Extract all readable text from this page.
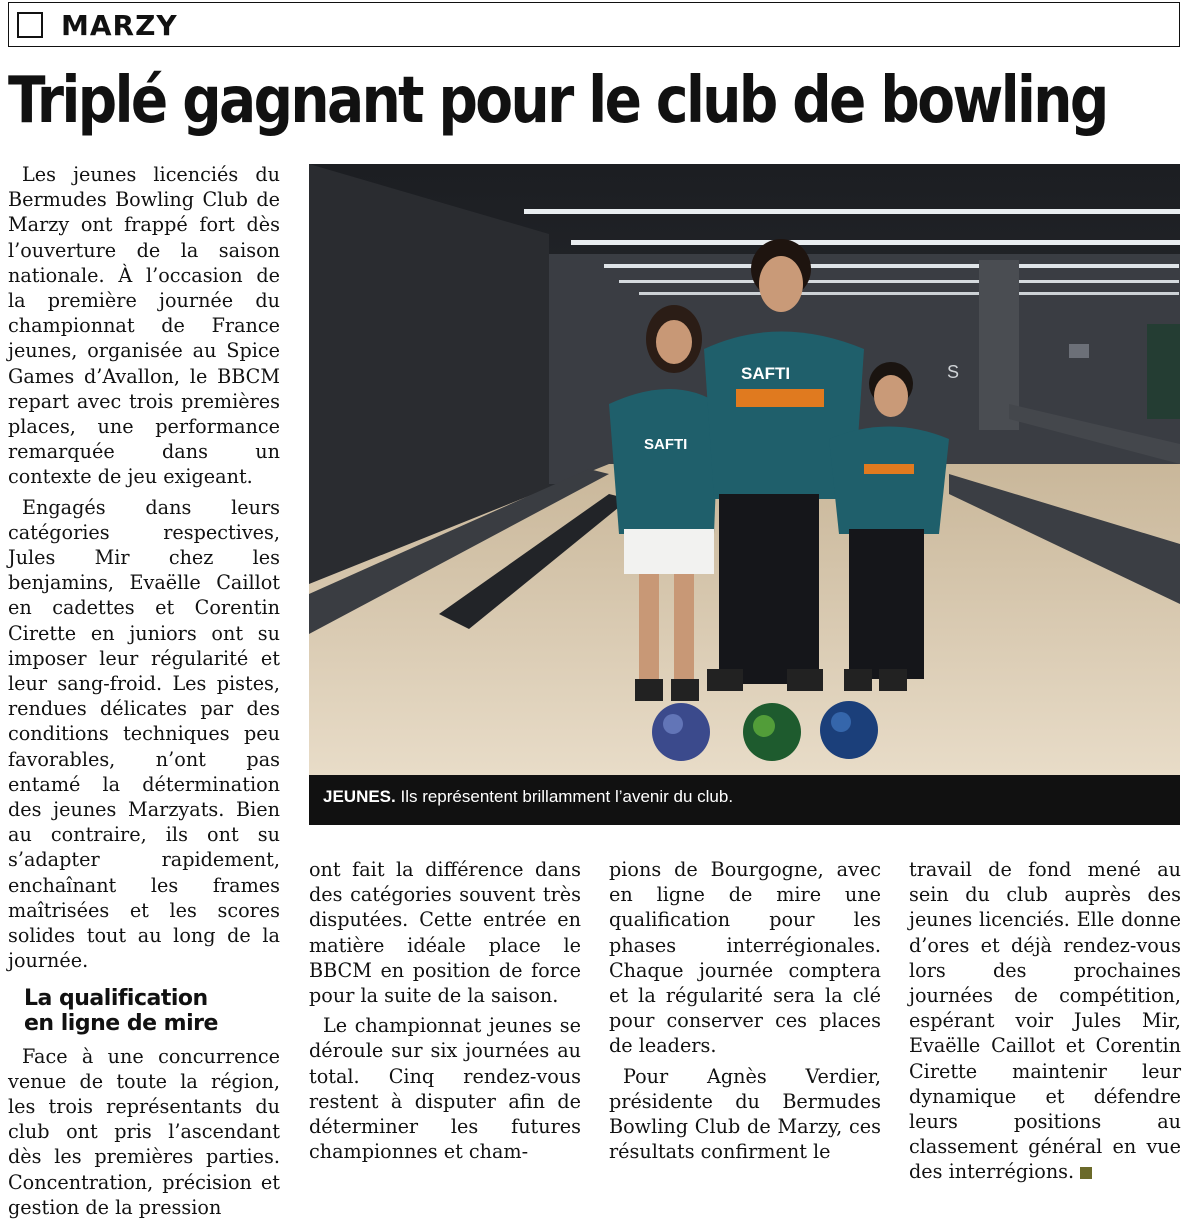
MARZY
Triplé gagnant pour le club de bowling

Les jeunes licenciés du Bermudes Bowling Club de Marzy ont frappé fort dès l’ouverture de la saison nationale. À l’occasion de la première journée du championnat de France jeunes, organisée au Spice Games d’Avallon, le BBCM repart avec trois premières places, une performance remarquée dans un contexte de jeu exigeant.

Engagés dans leurs catégories respectives, Jules Mir chez les benjamins, Evaëlle Caillot en cadettes et Corentin Cirette en juniors ont su imposer leur régularité et leur sang-froid. Les pistes, rendues délicates par des conditions techniques peu favorables, n’ont pas entamé la détermination des jeunes Marzyats. Bien au contraire, ils ont su s’adapter rapidement, enchaînant les frames maîtrisées et les scores solides tout au long de la journée.

La qualification
en ligne de mire

Face à une concurrence venue de toute la région, les trois représentants du club ont pris l’ascendant dès les premières parties. Concentration, précision et gestion de la pression

S
SAFTI
SAFTI
JEUNES. Ils représentent brillamment l’avenir du club.

ont fait la différence dans des catégories souvent très disputées. Cette entrée en matière idéale place le BBCM en position de force pour la suite de la saison.

Le championnat jeunes se déroule sur six journées au total. Cinq rendez-vous restent à disputer afin de déterminer les futures championnes et cham-

pions de Bourgogne, avec en ligne de mire une qualification pour les phases interrégionales. Chaque journée comptera et la régularité sera la clé pour conserver ces places de leaders.

Pour Agnès Verdier, présidente du Bermudes Bowling Club de Marzy, ces résultats confirment le

travail de fond mené au sein du club auprès des jeunes licenciés. Elle donne d’ores et déjà rendez-vous lors des prochaines journées de compétition, espérant voir Jules Mir, Evaëlle Caillot et Corentin Cirette maintenir leur dynamique et défendre leurs positions au classement général en vue des interrégions.
